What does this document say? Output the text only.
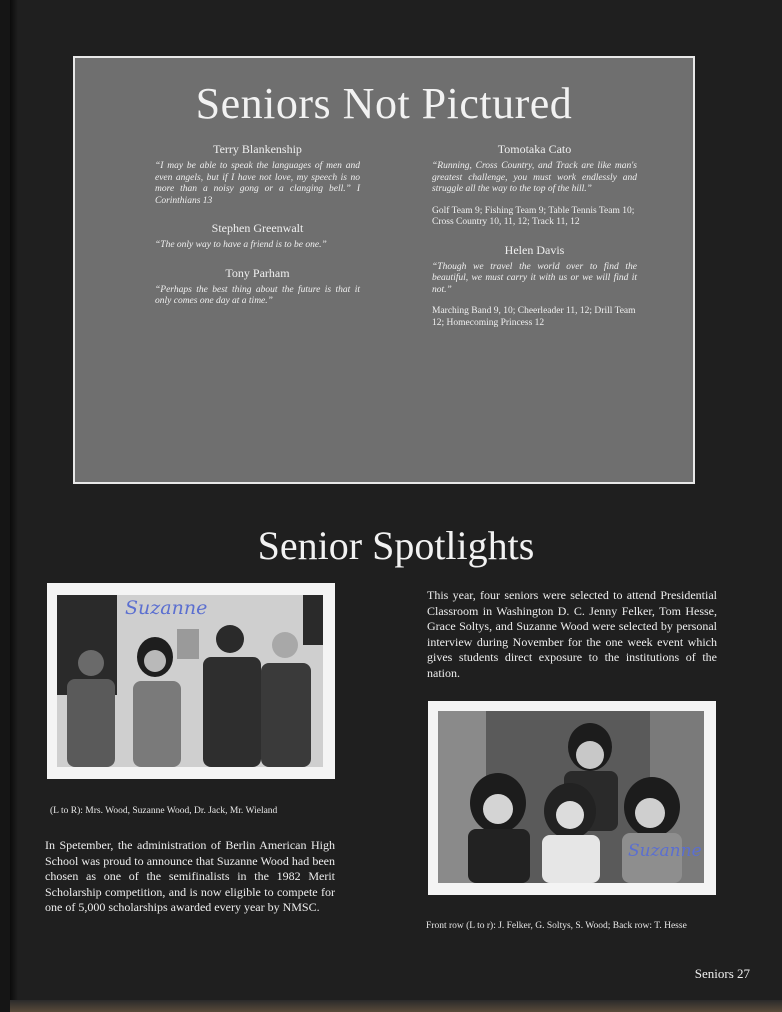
Seniors Not Pictured
Terry Blankenship
“I may be able to speak the languages of men and even angels, but if I have not love, my speech is no more than a noisy gong or a clanging bell.” I Corinthians 13
Stephen Greenwalt
“The only way to have a friend is to be one.”
Tony Parham
“Perhaps the best thing about the future is that it only comes one day at a time.”
Tomotaka Cato
“Running, Cross Country, and Track are like man's greatest challenge, you must work endlessly and struggle all the way to the top of the hill.”
Golf Team 9; Fishing Team 9; Table Tennis Team 10; Cross Country 10, 11, 12; Track 11, 12
Helen Davis
“Though we travel the world over to find the beautiful, we must carry it with us or we will find it not.”
Marching Band 9, 10; Cheerleader 11, 12; Drill Team 12; Homecoming Princess 12
Senior Spotlights
Suzanne
(L to R): Mrs. Wood, Suzanne Wood, Dr. Jack, Mr. Wieland
In Spetember, the administration of Berlin American High School was proud to announce that Suzanne Wood had been chosen as one of the semifinalists in the 1982 Merit Scholarship competition, and is now eligible to compete for one of 5,000 scholarships awarded every year by NMSC.
This year, four seniors were selected to attend Presidential Classroom in Washington D. C. Jenny Felker, Tom Hesse, Grace Soltys, and Suzanne Wood were selected by personal interview during November for the one week event which gives students direct exposure to the institutions of the nation.
Suzanne
Front row (L to r): J. Felker, G. Soltys, S. Wood; Back row: T. Hesse
Seniors 27
